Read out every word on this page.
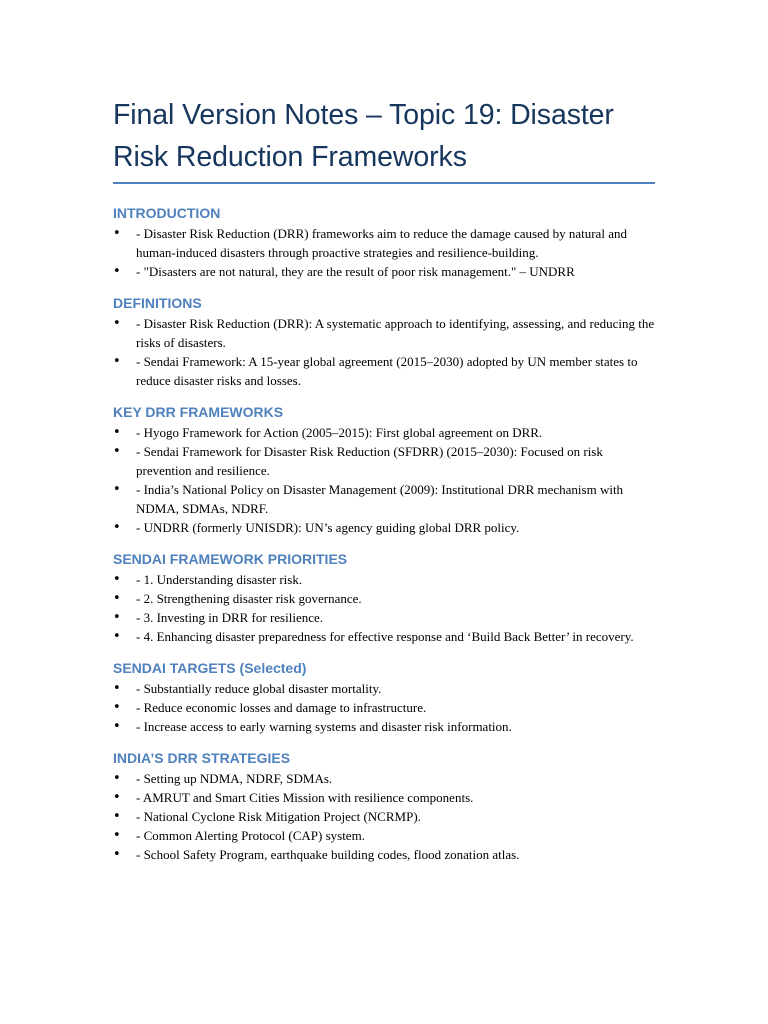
Final Version Notes – Topic 19: Disaster Risk Reduction Frameworks
INTRODUCTION
• - Disaster Risk Reduction (DRR) frameworks aim to reduce the damage caused by natural and human-induced disasters through proactive strategies and resilience-building.
• - "Disasters are not natural, they are the result of poor risk management." – UNDRR
DEFINITIONS
• - Disaster Risk Reduction (DRR): A systematic approach to identifying, assessing, and reducing the risks of disasters.
• - Sendai Framework: A 15-year global agreement (2015–2030) adopted by UN member states to reduce disaster risks and losses.
KEY DRR FRAMEWORKS
• - Hyogo Framework for Action (2005–2015): First global agreement on DRR.
• - Sendai Framework for Disaster Risk Reduction (SFDRR) (2015–2030): Focused on risk prevention and resilience.
• - India’s National Policy on Disaster Management (2009): Institutional DRR mechanism with NDMA, SDMAs, NDRF.
• - UNDRR (formerly UNISDR): UN’s agency guiding global DRR policy.
SENDAI FRAMEWORK PRIORITIES
• - 1. Understanding disaster risk.
• - 2. Strengthening disaster risk governance.
• - 3. Investing in DRR for resilience.
• - 4. Enhancing disaster preparedness for effective response and ‘Build Back Better’ in recovery.
SENDAI TARGETS (Selected)
• - Substantially reduce global disaster mortality.
• - Reduce economic losses and damage to infrastructure.
• - Increase access to early warning systems and disaster risk information.
INDIA’S DRR STRATEGIES
• - Setting up NDMA, NDRF, SDMAs.
• - AMRUT and Smart Cities Mission with resilience components.
• - National Cyclone Risk Mitigation Project (NCRMP).
• - Common Alerting Protocol (CAP) system.
• - School Safety Program, earthquake building codes, flood zonation atlas.
